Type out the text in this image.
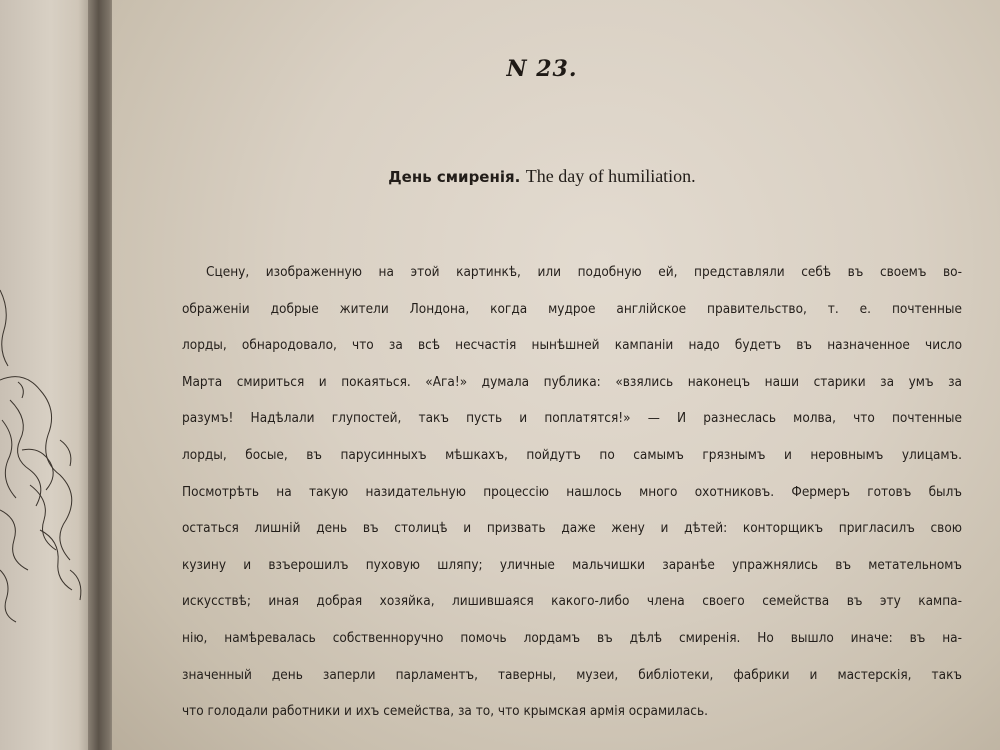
N 23.
День смиренія. The day of humiliation.
Сцену, изображенную на этой картинкѣ, или подобную ей, представляли себѣ въ своемъ во-
ображеніи добрые жители Лондона, когда мудрое англійское правительство, т. е. почтенные
лорды, обнародовало, что за всѣ несчастія нынѣшней кампаніи надо будетъ въ назначенное число
Марта смириться и покаяться. «Ага!» думала публика: «взялись наконецъ наши старики за умъ за
разумъ! Надѣлали глупостей, такъ пусть и поплатятся!» — И разнеслась молва, что почтенные
лорды, босые, въ парусинныхъ мѣшкахъ, пойдутъ по самымъ грязнымъ и неровнымъ улицамъ.
Посмотрѣть на такую назидательную процессію нашлось много охотниковъ. Фермеръ готовъ былъ
остаться лишній день въ столицѣ и призвать даже жену и дѣтей: конторщикъ пригласилъ свою
кузину и взъерошилъ пуховую шляпу; уличные мальчишки заранѣе упражнялись въ метательномъ
искусствѣ; иная добрая хозяйка, лишившаяся какого-либо члена своего семейства въ эту кампа-
нію, намѣревалась собственноручно помочь лордамъ въ дѣлѣ смиренія. Но вышло иначе: въ на-
значенный день заперли парламентъ, таверны, музеи, библіотеки, фабрики и мастерскія, такъ
что голодали работники и ихъ семейства, за то, что крымская армія осрамилась.
